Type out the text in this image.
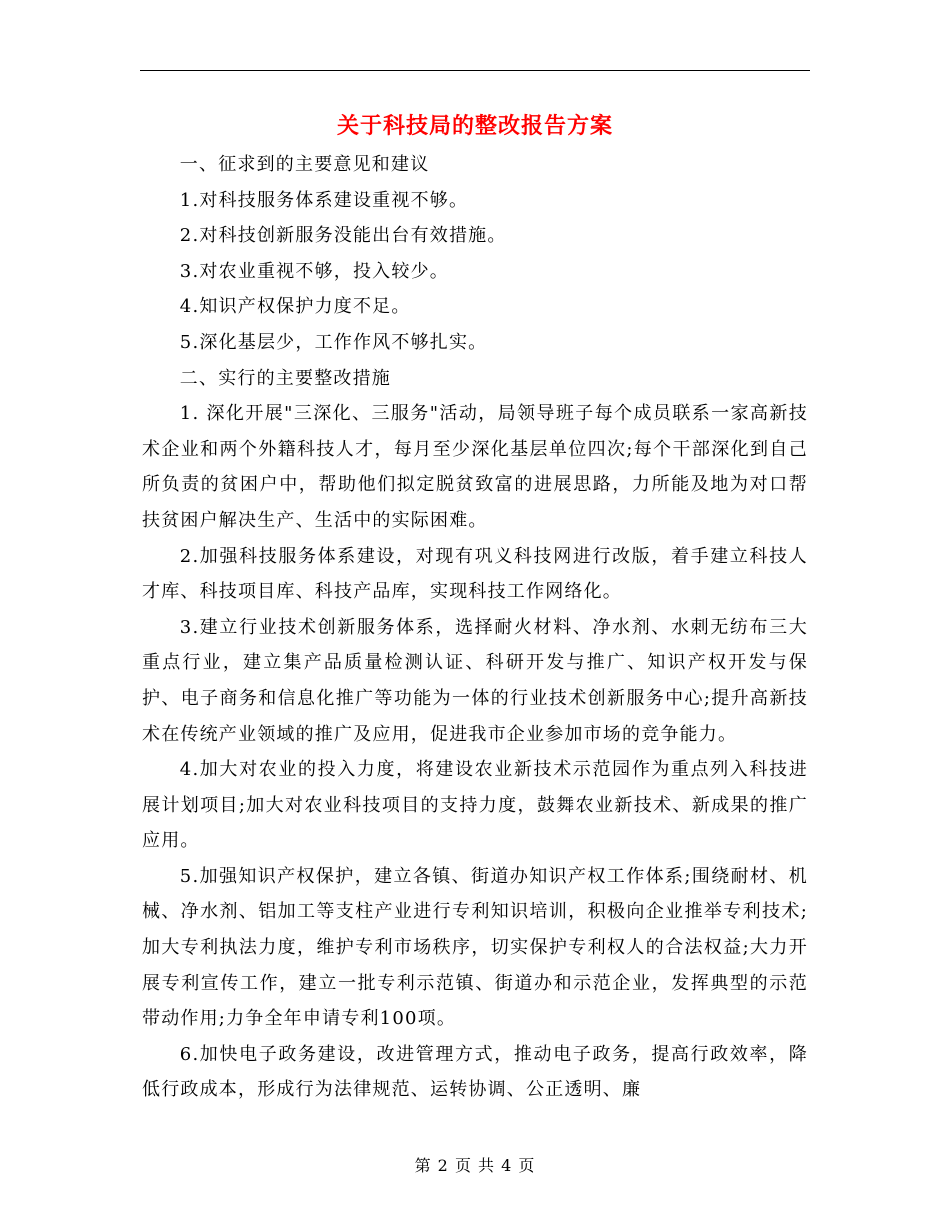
关于科技局的整改报告方案

一、征求到的主要意见和建议

1.对科技服务体系建设重视不够。

2.对科技创新服务没能出台有效措施。

3.对农业重视不够，投入较少。

4.知识产权保护力度不足。

5.深化基层少，工作作风不够扎实。

二、实行的主要整改措施

1. 深化开展"三深化、三服务"活动，局领导班子每个成员联系一家高新技术企业和两个外籍科技人才，每月至少深化基层单位四次;每个干部深化到自己所负责的贫困户中，帮助他们拟定脱贫致富的进展思路，力所能及地为对口帮扶贫困户解决生产、生活中的实际困难。

2.加强科技服务体系建设，对现有巩义科技网进行改版，着手建立科技人才库、科技项目库、科技产品库，实现科技工作网络化。

3.建立行业技术创新服务体系，选择耐火材料、净水剂、水刺无纺布三大重点行业，建立集产品质量检测认证、科研开发与推广、知识产权开发与保护、电子商务和信息化推广等功能为一体的行业技术创新服务中心;提升高新技术在传统产业领域的推广及应用，促进我市企业参加市场的竞争能力。

4.加大对农业的投入力度，将建设农业新技术示范园作为重点列入科技进展计划项目;加大对农业科技项目的支持力度，鼓舞农业新技术、新成果的推广应用。

5.加强知识产权保护，建立各镇、街道办知识产权工作体系;围绕耐材、机械、净水剂、铝加工等支柱产业进行专利知识培训，积极向企业推举专利技术;加大专利执法力度，维护专利市场秩序，切实保护专利权人的合法权益;大力开展专利宣传工作，建立一批专利示范镇、街道办和示范企业，发挥典型的示范带动作用;力争全年申请专利100项。

6.加快电子政务建设，改进管理方式，推动电子政务，提高行政效率，降低行政成本，形成行为法律规范、运转协调、公正透明、廉

第 2 页 共 4 页
